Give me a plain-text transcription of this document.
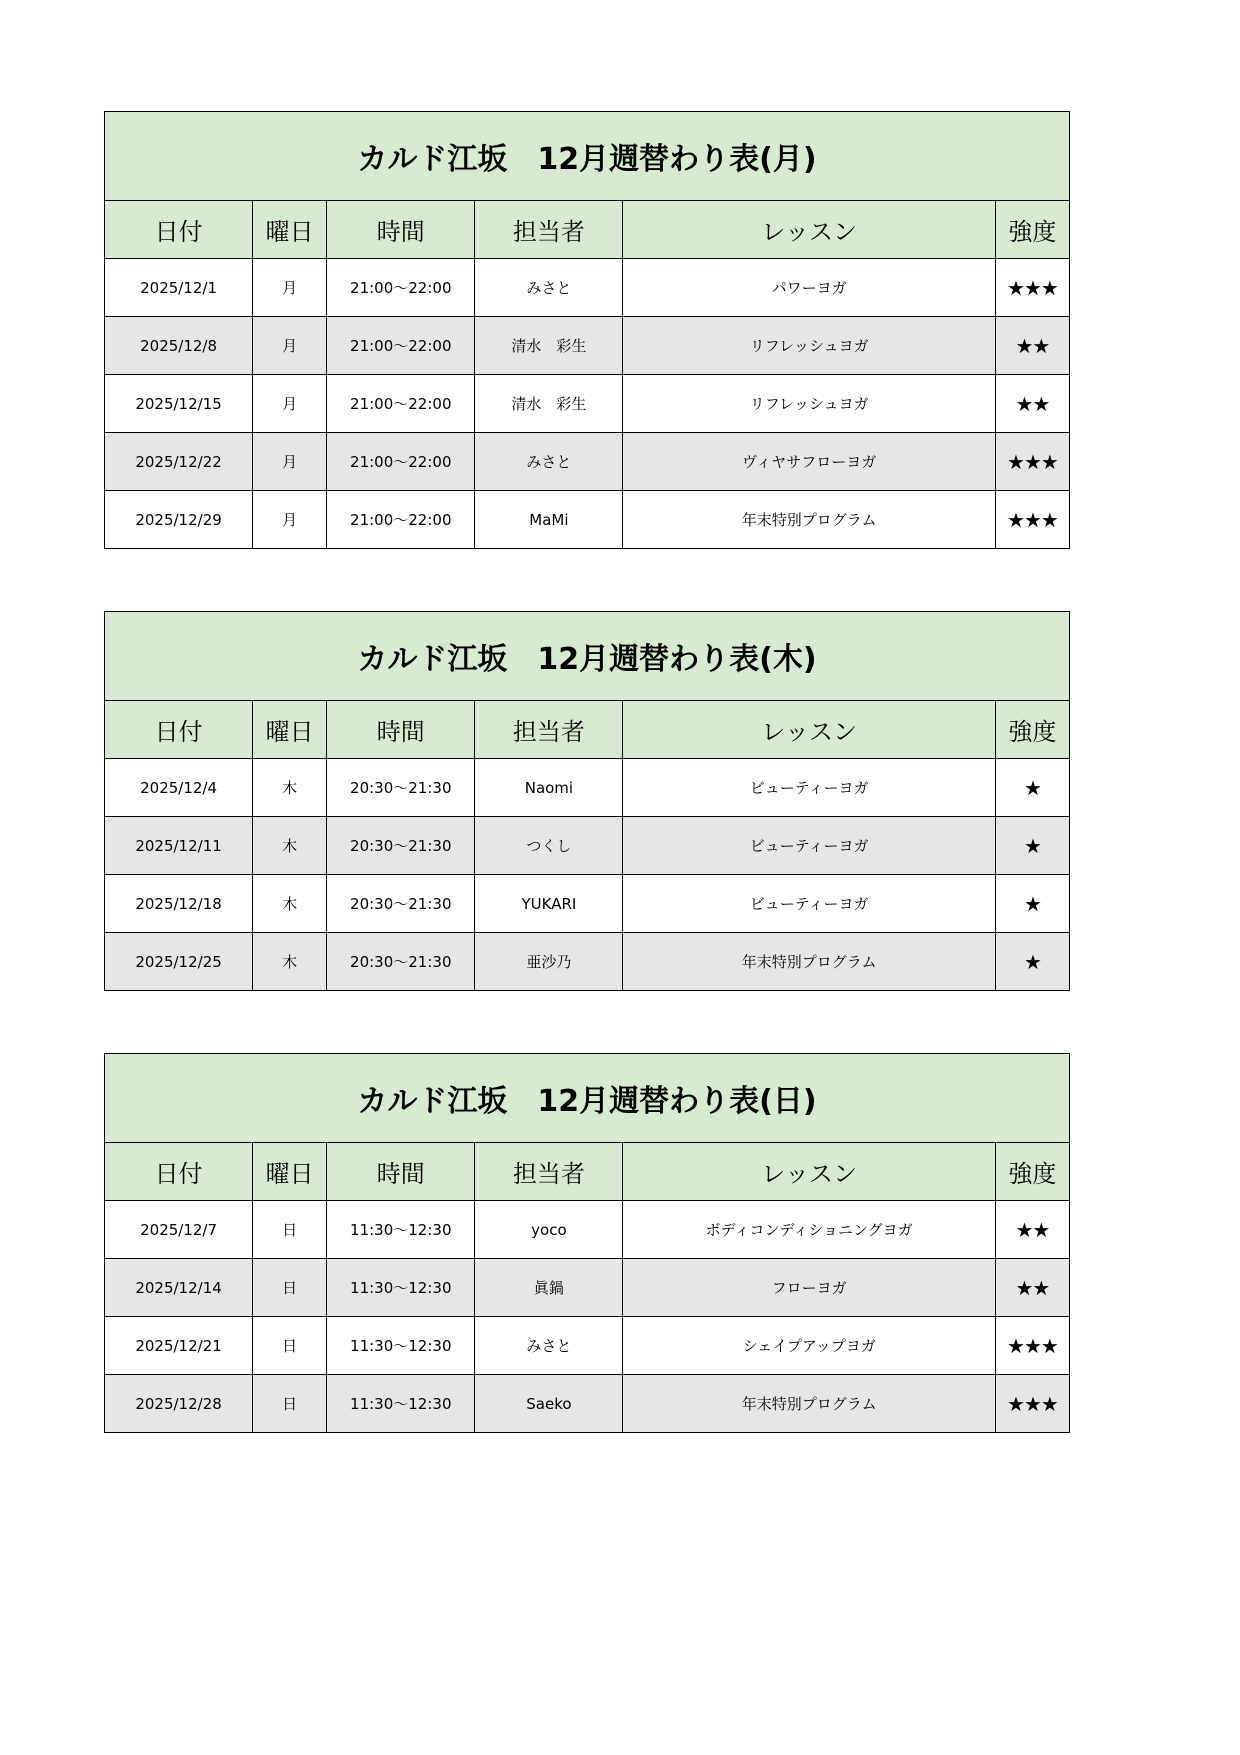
カルド江坂　12月週替わり表(月)					
日付	曜日	時間	担当者	レッスン	強度
2025/12/1	月	21:00～22:00	みさと	パワーヨガ	★★★
2025/12/8	月	21:00～22:00	清水　彩生	リフレッシュヨガ	★★
2025/12/15	月	21:00～22:00	清水　彩生	リフレッシュヨガ	★★
2025/12/22	月	21:00～22:00	みさと	ヴィヤサフローヨガ	★★★
2025/12/29	月	21:00～22:00	MaMi	年末特別プログラム	★★★
カルド江坂　12月週替わり表(木)					
日付	曜日	時間	担当者	レッスン	強度
2025/12/4	木	20:30～21:30	Naomi	ビューティーヨガ	★
2025/12/11	木	20:30～21:30	つくし	ビューティーヨガ	★
2025/12/18	木	20:30～21:30	YUKARI	ビューティーヨガ	★
2025/12/25	木	20:30～21:30	亜沙乃	年末特別プログラム	★
カルド江坂　12月週替わり表(日)					
日付	曜日	時間	担当者	レッスン	強度
2025/12/7	日	11:30～12:30	yoco	ボディコンディショニングヨガ	★★
2025/12/14	日	11:30～12:30	眞鍋	フローヨガ	★★
2025/12/21	日	11:30～12:30	みさと	シェイプアップヨガ	★★★
2025/12/28	日	11:30～12:30	Saeko	年末特別プログラム	★★★
